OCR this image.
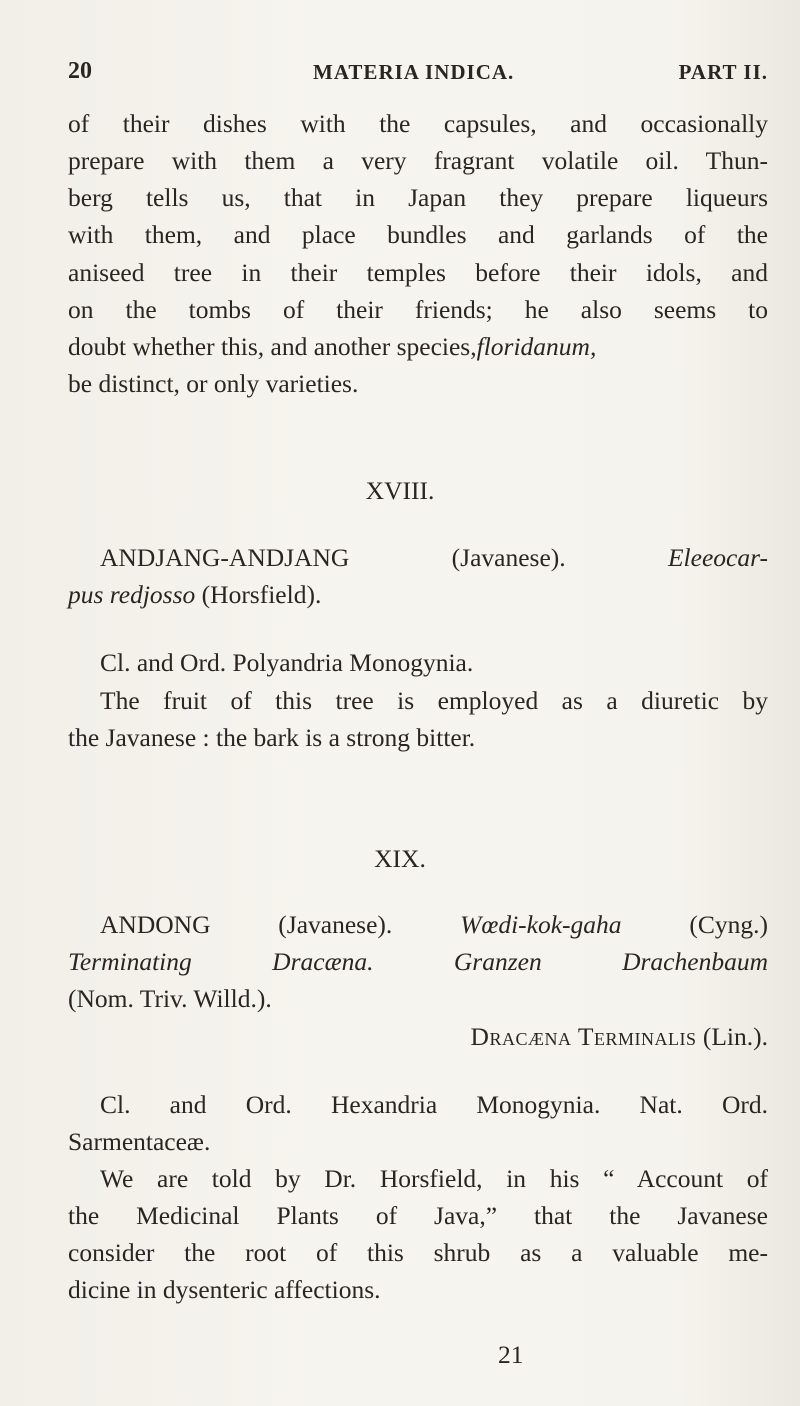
20	MATERIA INDICA.	PART II.
of their dishes with the capsules, and occasionally
prepare with them a very fragrant volatile oil. Thun-
berg tells us, that in Japan they prepare liqueurs
with them, and place bundles and garlands of the
aniseed tree in their temples before their idols, and
on the tombs of their friends; he also seems to
doubt whether this, and another species,floridanum,
be distinct, or only varieties.
XVIII.
ANDJANG-ANDJANG (Javanese).	Eleeocar-
pus redjosso (Horsfield).
Cl. and Ord. Polyandria Monogynia.
The fruit of this tree is employed as a diuretic by
the Javanese : the bark is a strong bitter.
XIX.
ANDONG (Javanese).	Wœdi-kok-gaha (Cyng.)
Terminating Dracæna.	Granzen Drachenbaum
(Nom. Triv. Willd.).
Dracæna Terminalis (Lin.).
Cl. and Ord. Hexandria Monogynia. Nat. Ord.
Sarmentaceæ.
We are told by Dr. Horsfield, in his “ Account of
the Medicinal Plants of Java,” that the Javanese
consider the root of this shrub as a valuable me-
dicine in dysenteric affections.
21
